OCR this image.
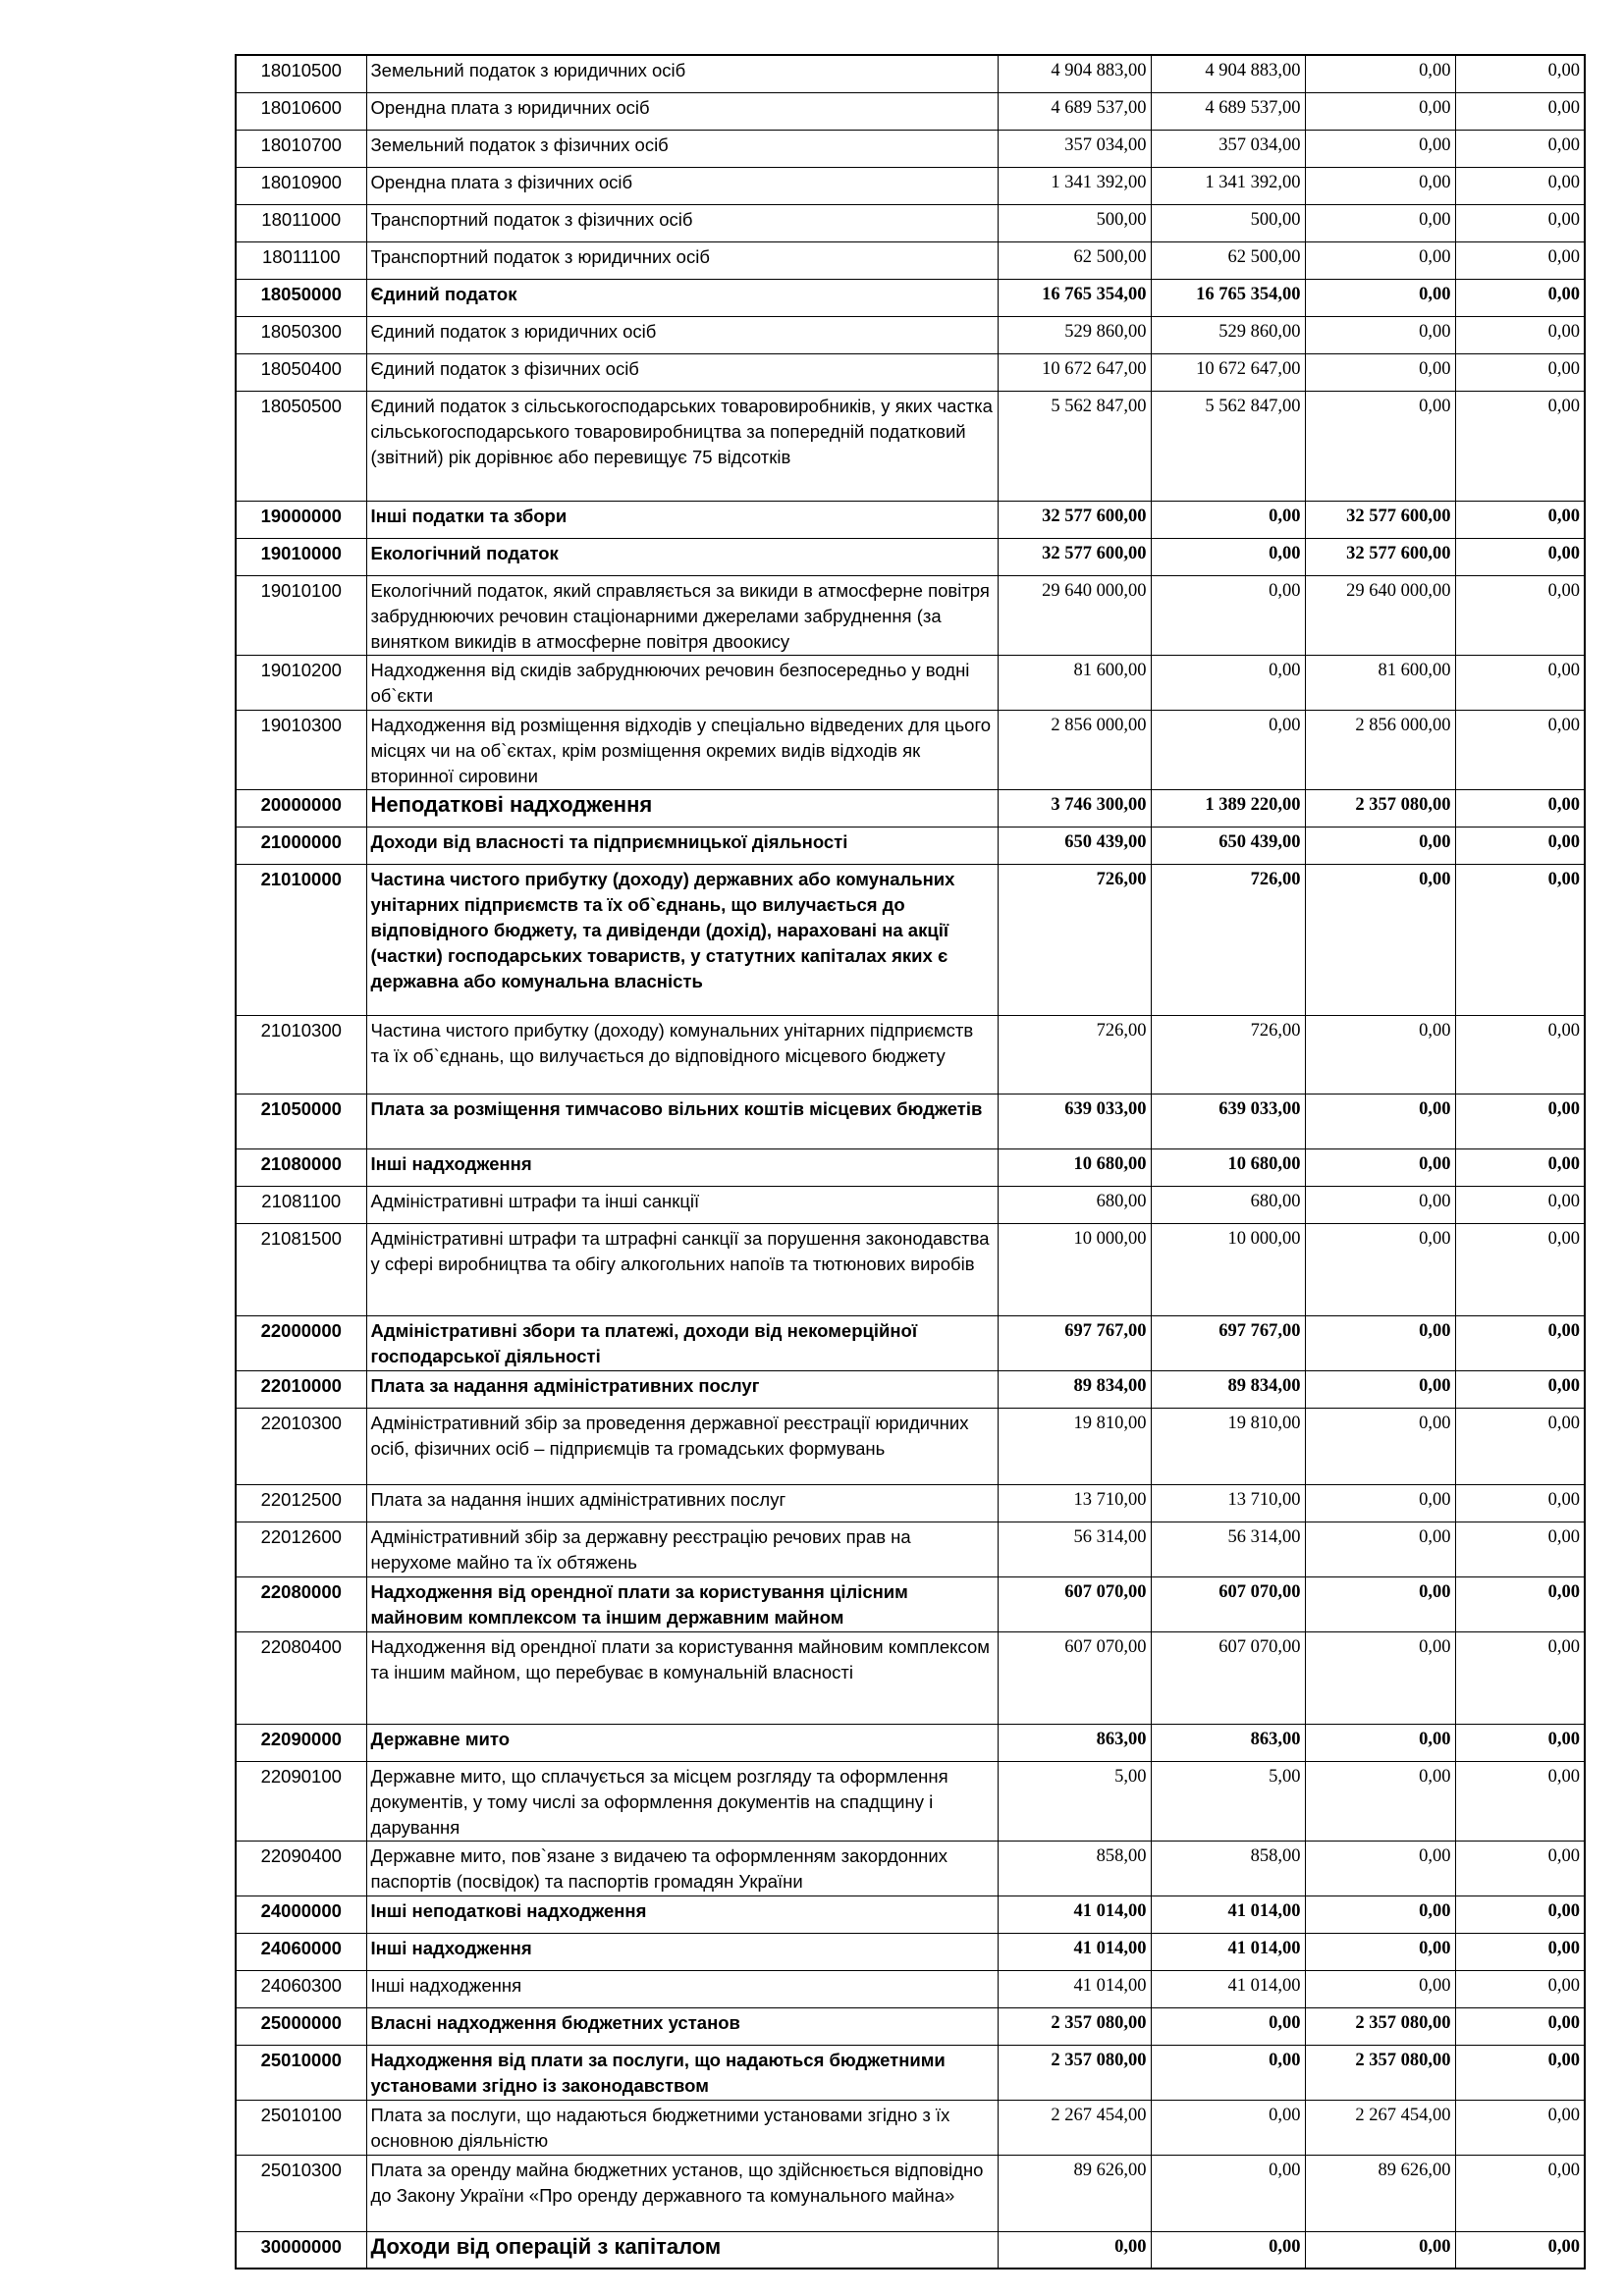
18010500	Земельний податок з юридичних осіб	4 904 883,00	4 904 883,00	0,00	0,00
18010600	Орендна плата з юридичних осіб	4 689 537,00	4 689 537,00	0,00	0,00
18010700	Земельний податок з фізичних осіб	357 034,00	357 034,00	0,00	0,00
18010900	Орендна плата з фізичних осіб	1 341 392,00	1 341 392,00	0,00	0,00
18011000	Транспортний податок з фізичних осіб	500,00	500,00	0,00	0,00
18011100	Транспортний податок з юридичних осіб	62 500,00	62 500,00	0,00	0,00
18050000	Єдиний податок	16 765 354,00	16 765 354,00	0,00	0,00
18050300	Єдиний податок з юридичних осіб	529 860,00	529 860,00	0,00	0,00
18050400	Єдиний податок з фізичних осіб	10 672 647,00	10 672 647,00	0,00	0,00
18050500	Єдиний податок з сільськогосподарських товаровиробників, у яких частка сільськогосподарського товаровиробництва за попередній податковий (звітний) рік дорівнює або перевищує 75 відсотків	5 562 847,00	5 562 847,00	0,00	0,00
19000000	Інші податки та збори	32 577 600,00	0,00	32 577 600,00	0,00
19010000	Екологічний податок	32 577 600,00	0,00	32 577 600,00	0,00
19010100	Екологічний податок, який справляється за викиди в атмосферне повітря забруднюючих речовин стаціонарними джерелами забруднення (за винятком викидів в атмосферне повітря двоокису	29 640 000,00	0,00	29 640 000,00	0,00
19010200	Надходження від скидів забруднюючих речовин безпосередньо у водні об`єкти	81 600,00	0,00	81 600,00	0,00
19010300	Надходження від розміщення відходів у спеціально відведених для цього місцях чи на об`єктах, крім розміщення окремих видів відходів як вторинної сировини	2 856 000,00	0,00	2 856 000,00	0,00
20000000	Неподаткові надходження	3 746 300,00	1 389 220,00	2 357 080,00	0,00
21000000	Доходи від власності та підприємницької діяльності	650 439,00	650 439,00	0,00	0,00
21010000	Частина чистого прибутку (доходу) державних або комунальних унітарних підприємств та їх об`єднань, що вилучається до відповідного бюджету, та дивіденди (дохід), нараховані на акції (частки) господарських товариств, у статутних капіталах яких є державна або комунальна власність	726,00	726,00	0,00	0,00
21010300	Частина чистого прибутку (доходу) комунальних унітарних підприємств та їх об`єднань, що вилучається до відповідного місцевого бюджету	726,00	726,00	0,00	0,00
21050000	Плата за розміщення тимчасово вільних коштів місцевих бюджетів	639 033,00	639 033,00	0,00	0,00
21080000	Інші надходження	10 680,00	10 680,00	0,00	0,00
21081100	Адміністративні штрафи та інші санкції	680,00	680,00	0,00	0,00
21081500	Адміністративні штрафи та штрафні санкції за порушення законодавства у сфері виробництва та обігу алкогольних напоїв та тютюнових виробів	10 000,00	10 000,00	0,00	0,00
22000000	Адміністративні збори та платежі, доходи від некомерційної господарської діяльності	697 767,00	697 767,00	0,00	0,00
22010000	Плата за надання адміністративних послуг	89 834,00	89 834,00	0,00	0,00
22010300	Адміністративний збір за проведення державної реєстрації юридичних осіб, фізичних осіб – підприємців та громадських формувань	19 810,00	19 810,00	0,00	0,00
22012500	Плата за надання інших адміністративних послуг	13 710,00	13 710,00	0,00	0,00
22012600	Адміністративний збір за державну реєстрацію речових прав на нерухоме майно та їх обтяжень	56 314,00	56 314,00	0,00	0,00
22080000	Надходження від орендної плати за користування цілісним майновим комплексом та іншим державним майном	607 070,00	607 070,00	0,00	0,00
22080400	Надходження від орендної плати за користування майновим комплексом та іншим майном, що перебуває в комунальній власності	607 070,00	607 070,00	0,00	0,00
22090000	Державне мито	863,00	863,00	0,00	0,00
22090100	Державне мито, що сплачується за місцем розгляду та оформлення документів, у тому числі за оформлення документів на спадщину і дарування	5,00	5,00	0,00	0,00
22090400	Державне мито, пов`язане з видачею та оформленням закордонних паспортів (посвідок) та паспортів громадян України	858,00	858,00	0,00	0,00
24000000	Інші неподаткові надходження	41 014,00	41 014,00	0,00	0,00
24060000	Інші надходження	41 014,00	41 014,00	0,00	0,00
24060300	Інші надходження	41 014,00	41 014,00	0,00	0,00
25000000	Власні надходження бюджетних установ	2 357 080,00	0,00	2 357 080,00	0,00
25010000	Надходження від плати за послуги, що надаються бюджетними установами згідно із законодавством	2 357 080,00	0,00	2 357 080,00	0,00
25010100	Плата за послуги, що надаються бюджетними установами згідно з їх основною діяльністю	2 267 454,00	0,00	2 267 454,00	0,00
25010300	Плата за оренду майна бюджетних установ, що здійснюється відповідно до Закону України «Про оренду державного та комунального майна»	89 626,00	0,00	89 626,00	0,00
30000000	Доходи від операцій з капіталом	0,00	0,00	0,00	0,00
